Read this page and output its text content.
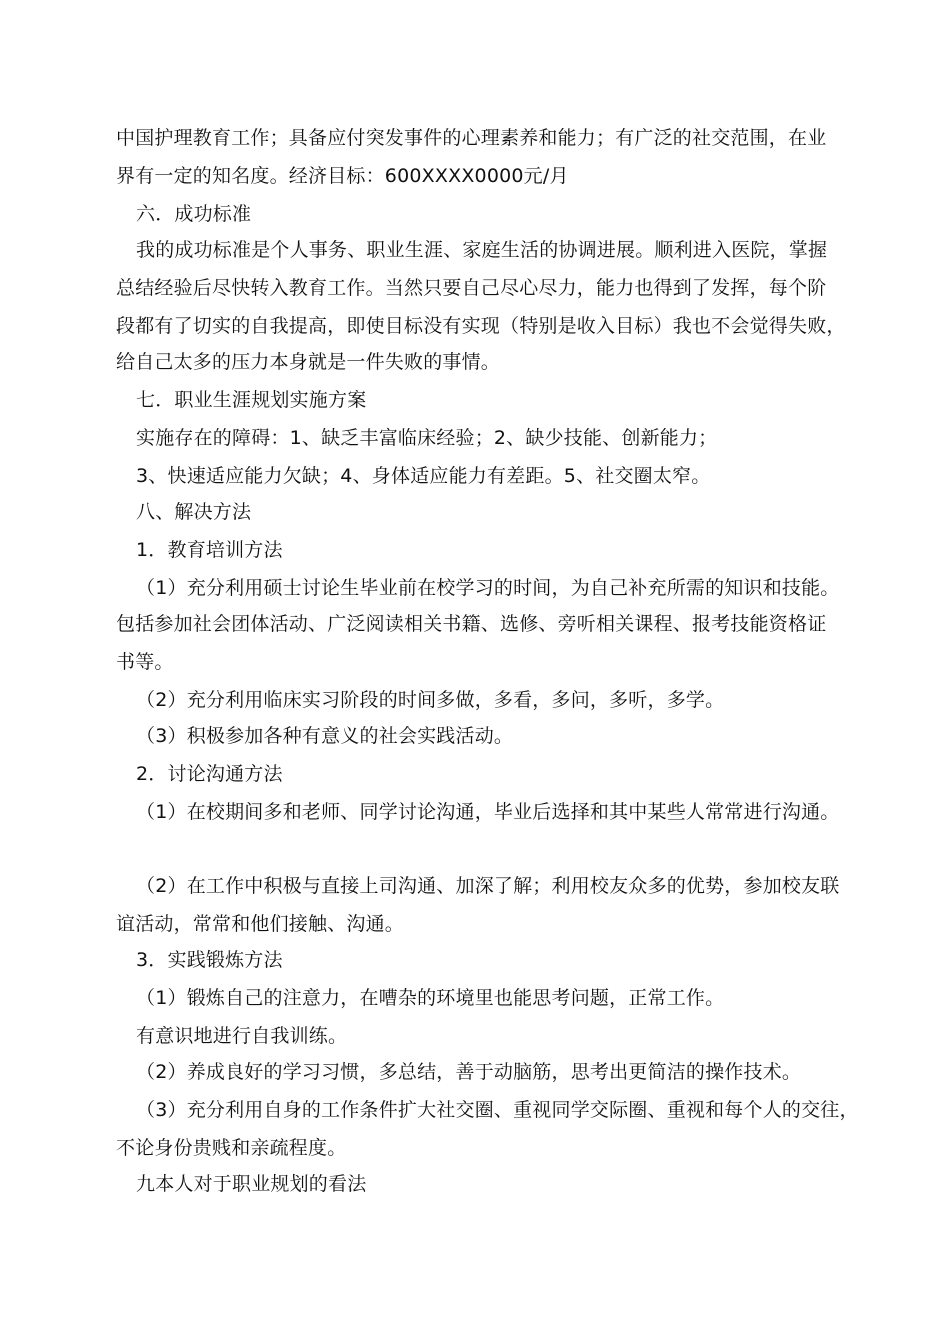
中国护理教育工作；具备应付突发事件的心理素养和能力；有广泛的社交范围，在业
界有一定的知名度。经济目标：600XXXX0000元/月
六．成功标准
我的成功标准是个人事务、职业生涯、家庭生活的协调进展。顺利进入医院，掌握
总结经验后尽快转入教育工作。当然只要自己尽心尽力，能力也得到了发挥，每个阶
段都有了切实的自我提高，即使目标没有实现（特别是收入目标）我也不会觉得失败，
给自己太多的压力本身就是一件失败的事情。
七．职业生涯规划实施方案
实施存在的障碍：1、缺乏丰富临床经验；2、缺少技能、创新能力；
3、快速适应能力欠缺；4、身体适应能力有差距。5、社交圈太窄。
八、解决方法
1．教育培训方法
（1）充分利用硕士讨论生毕业前在校学习的时间，为自己补充所需的知识和技能。
包括参加社会团体活动、广泛阅读相关书籍、选修、旁听相关课程、报考技能资格证
书等。
（2）充分利用临床实习阶段的时间多做，多看，多问，多听，多学。
（3）积极参加各种有意义的社会实践活动。
2．讨论沟通方法
（1）在校期间多和老师、同学讨论沟通，毕业后选择和其中某些人常常进行沟通。
（2）在工作中积极与直接上司沟通、加深了解；利用校友众多的优势，参加校友联
谊活动，常常和他们接触、沟通。
3．实践锻炼方法
（1）锻炼自己的注意力，在嘈杂的环境里也能思考问题，正常工作。
有意识地进行自我训练。
（2）养成良好的学习习惯，多总结，善于动脑筋，思考出更简洁的操作技术。
（3）充分利用自身的工作条件扩大社交圈、重视同学交际圈、重视和每个人的交往，
不论身份贵贱和亲疏程度。
九本人对于职业规划的看法
